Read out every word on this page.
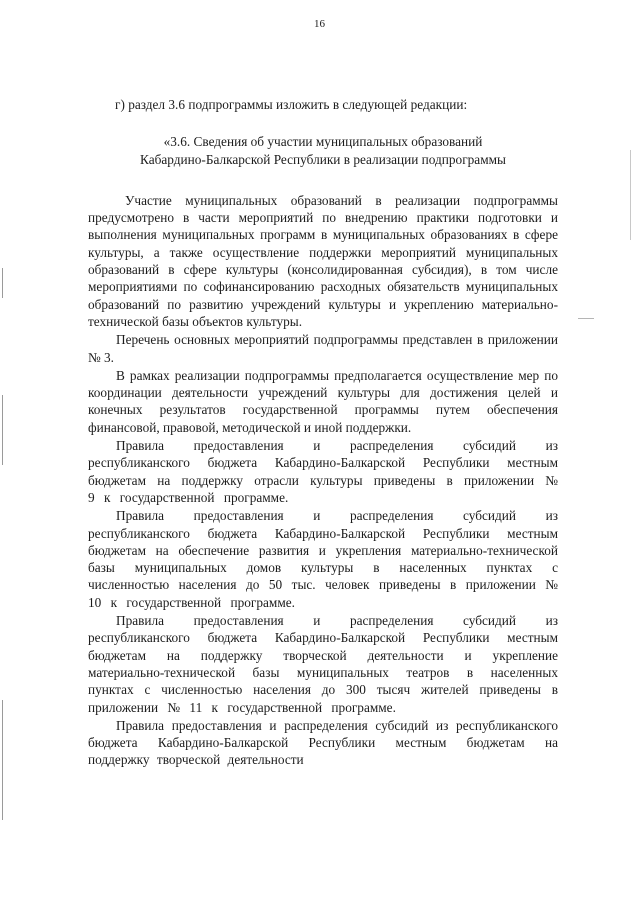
16

г) раздел 3.6 подпрограммы изложить в следующей редакции:

«3.6. Сведения об участии муниципальных образований
Кабардино-Балкарской Республики в реализации подпрограммы

Участие муниципальных образований в реализации подпрограммы предусмотрено в части мероприятий по внедрению практики подготовки и выполнения муниципальных программ в муниципальных образованиях в сфере культуры, а также осуществление поддержки мероприятий муниципальных образований в сфере культуры (консолидированная субсидия), в том числе мероприятиями по софинансированию расходных обязательств муниципальных образований по развитию учреждений культуры и укреплению материально-технической базы объектов культуры.

Перечень основных мероприятий подпрограммы представлен в приложении № 3.

В рамках реализации подпрограммы предполагается осуществление мер по координации деятельности учреждений культуры для достижения целей и конечных результатов государственной программы путем обеспечения финансовой, правовой, методической и иной поддержки.

Правила предоставления и распределения субсидий из республиканского бюджета Кабардино-Балкарской Республики местным бюджетам на поддержку отрасли культуры приведены в приложении № 9 к государственной программе.

Правила предоставления и распределения субсидий из республиканского бюджета Кабардино-Балкарской Республики местным бюджетам на обеспечение развития и укрепления материально-технической базы муниципальных домов культуры в населенных пунктах с численностью населения до 50 тыс. человек приведены в приложении № 10 к государственной программе.

Правила предоставления и распределения субсидий из республиканского бюджета Кабардино-Балкарской Республики местным бюджетам на поддержку творческой деятельности и укрепление материально-технической базы муниципальных театров в населенных пунктах с численностью населения до 300 тысяч жителей приведены в приложении № 11 к государственной программе.

Правила предоставления и распределения субсидий из республиканского бюджета Кабардино-Балкарской Республики местным бюджетам на поддержку творческой деятельности
